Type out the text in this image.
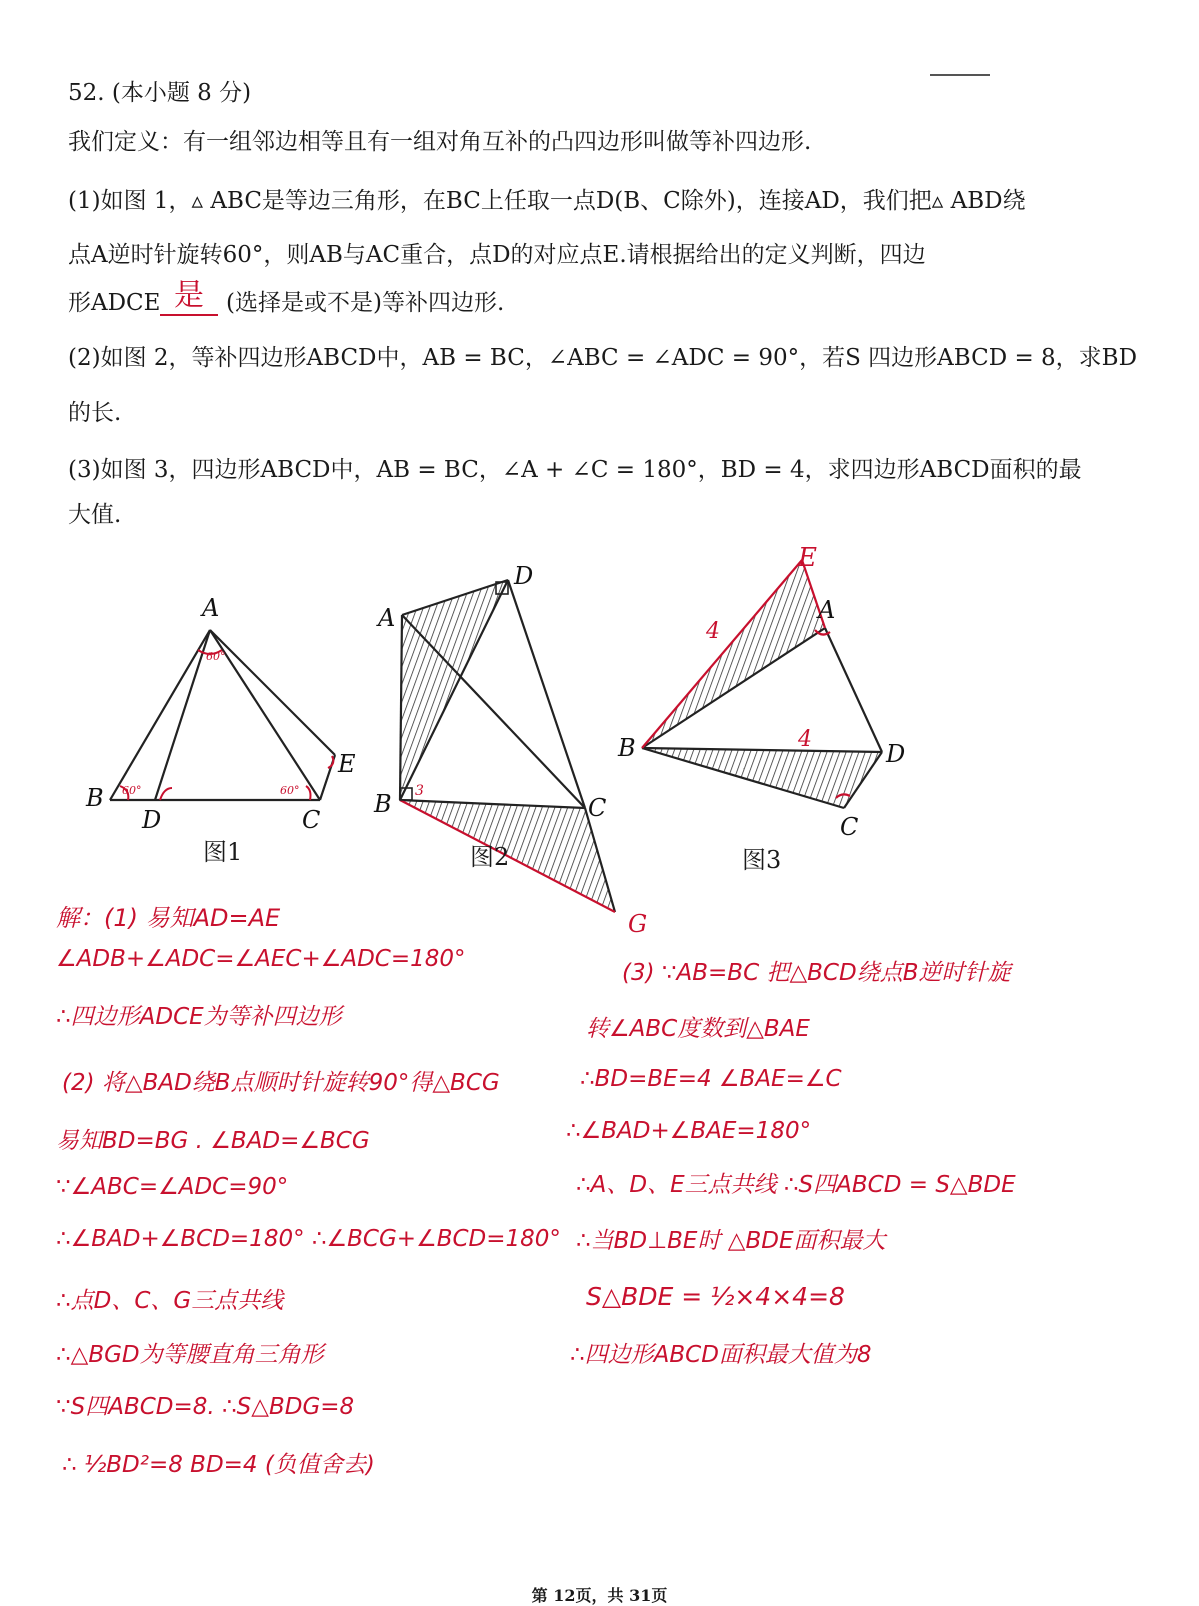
52. (本小题 8 分)
我们定义：有一组邻边相等且有一组对角互补的凸四边形叫做等补四边形.
(1)如图 1，▵ ABC是等边三角形，在BC上任取一点D(B、C除外)，连接AD，我们把▵ ABD绕
点A逆时针旋转60°，则AB与AC重合，点D的对应点E.请根据给出的定义判断，四边
形ADCE 是 (选择是或不是)等补四边形.
(2)如图 2，等补四边形ABCD中，AB = BC，∠ABC = ∠ADC = 90°，若S 四边形ABCD = 8，求BD
的长.
(3)如图 3，四边形ABCD中，AB = BC，∠A + ∠C = 180°，BD = 4，求四边形ABCD面积的最
大值.
60°
60°	60°
A
B
D	C
E
图1
3
A
D
B	C
G
图2
4
4
E
A
B	D
C
图3
解：(1) 易知AD=AE
∠ADB+∠ADC=∠AEC+∠ADC=180°
∴四边形ADCE为等补四边形
(2) 将△BAD绕B点顺时针旋转90°得△BCG
易知BD=BG . ∠BAD=∠BCG
∵∠ABC=∠ADC=90°
∴∠BAD+∠BCD=180° ∴∠BCG+∠BCD=180°
∴点D、C、G三点共线
∴△BGD为等腰直角三角形
∵S四ABCD=8. ∴S△BDG=8
∴ ½BD²=8 BD=4 (负值舍去)
(3) ∵AB=BC 把△BCD绕点B逆时针旋
转∠ABC度数到△BAE
∴BD=BE=4 ∠BAE=∠C
∴∠BAD+∠BAE=180°
∴A、D、E三点共线 ∴S四ABCD = S△BDE
∴当BD⊥BE时 △BDE面积最大
S△BDE = ½×4×4=8
∴四边形ABCD面积最大值为8
第 12页，共 31页
